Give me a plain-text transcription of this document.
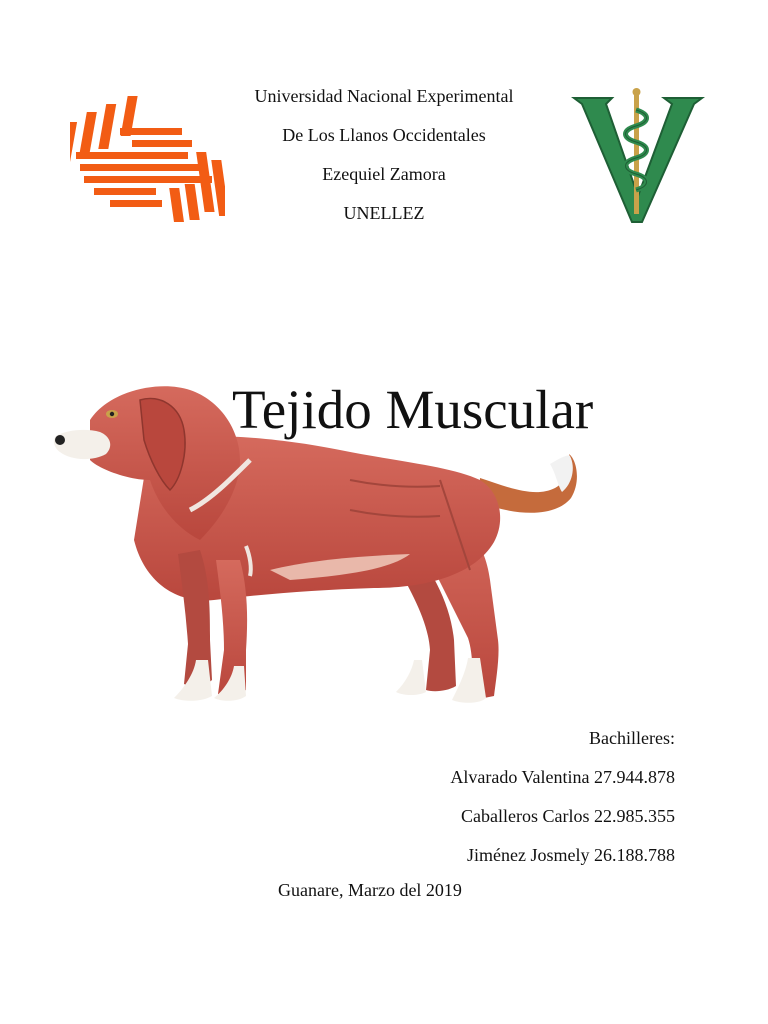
Universidad Nacional Experimental
De Los Llanos Occidentales
Ezequiel Zamora
UNELLEZ
Tejido Muscular
Bachilleres:
Alvarado Valentina 27.944.878
Caballeros Carlos 22.985.355
Jiménez Josmely 26.188.788
Guanare, Marzo del 2019
